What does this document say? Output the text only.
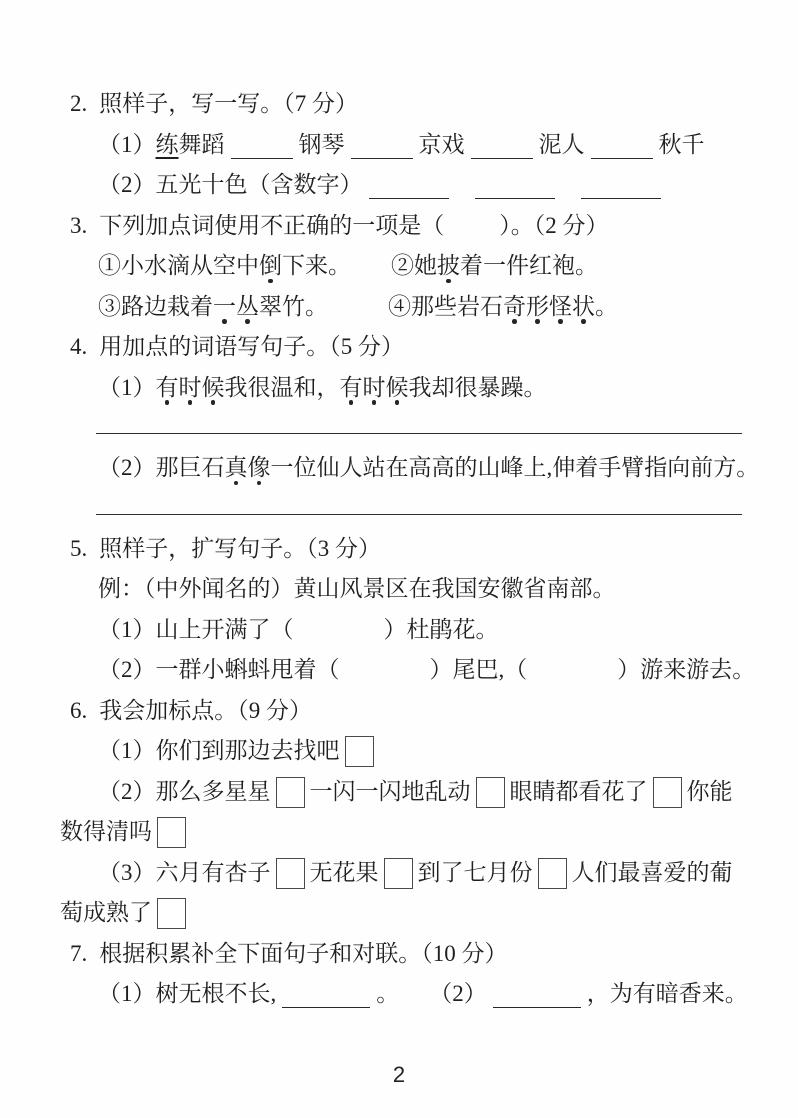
2. 照样子，写一写。（7 分）
（1）练舞蹈	钢琴	京戏	泥人	秋千
（2）五光十色（含数字）
3. 下列加点词使用不正确的一项是（ ）。（2 分）
①小水滴从空中倒下来。 ②她披着一件红袍。
③路边栽着一丛翠竹。	④那些岩石奇形怪状。
4. 用加点的词语写句子。（5 分）
（1）有时候我很温和，有时候我却很暴躁。
（2）那巨石真像一位仙人站在高高的山峰上,伸着手臂指向前方。
5. 照样子，扩写句子。（3 分）
例：（中外闻名的）黄山风景区在我国安徽省南部。
（1）山上开满了（	）杜鹃花。
（2）一群小蝌蚪甩着（	）尾巴,（	）游来游去。
6. 我会加标点。（9 分）
（1）你们到那边去找吧
（2）那么多星星 一闪一闪地乱动 眼睛都看花了 你能
数得清吗
（3）六月有杏子 无花果 到了七月份 人们最喜爱的葡
萄成熟了
7. 根据积累补全下面句子和对联。（10 分）
（1）树无根不长,	。 （2）	，为有暗香来。
2
